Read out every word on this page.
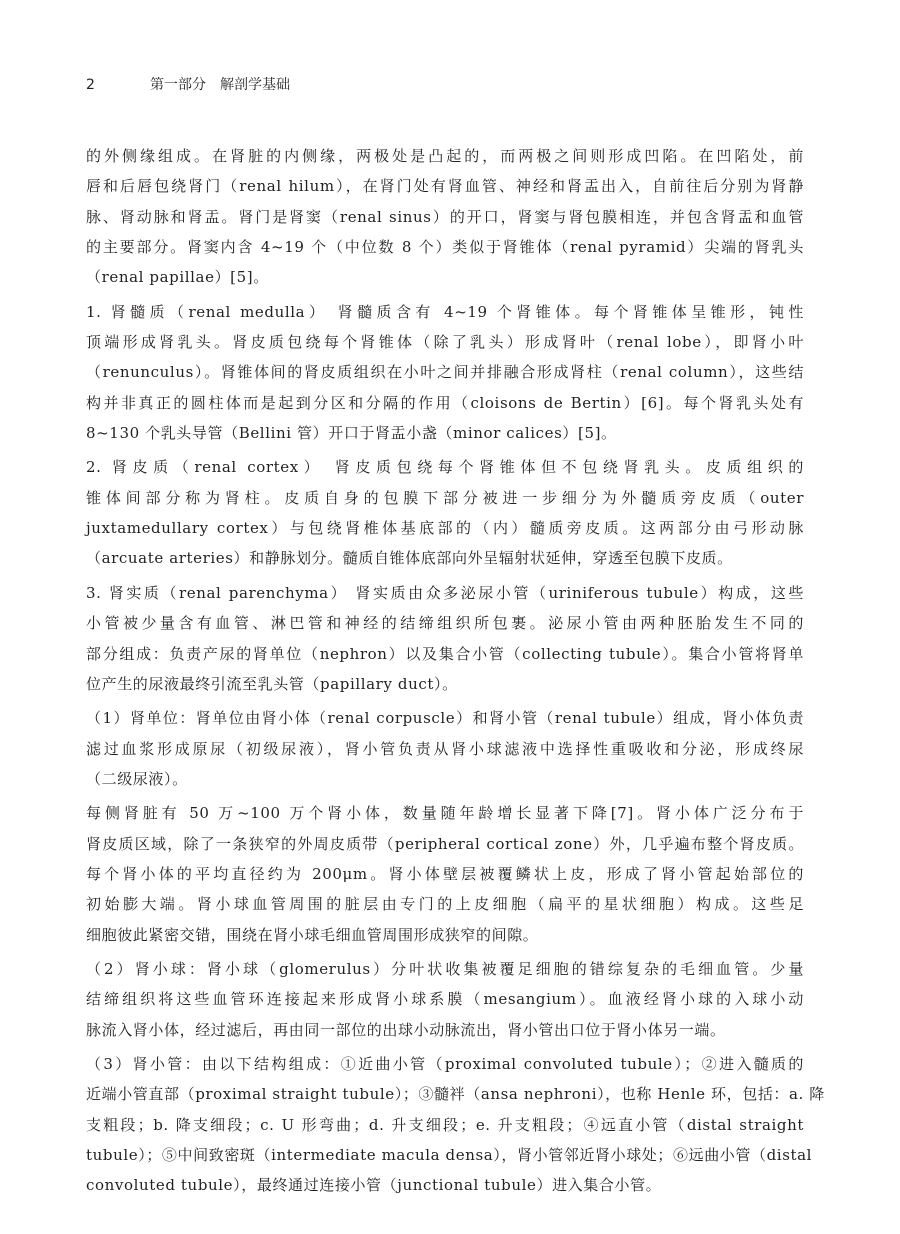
2	第一部分 解剖学基础
的外侧缘组成。在肾脏的内侧缘，两极处是凸起的，而两极之间则形成凹陷。在凹陷处，前
唇和后唇包绕肾门（renal hilum），在肾门处有肾血管、神经和肾盂出入，自前往后分别为肾静
脉、肾动脉和肾盂。肾门是肾窦（renal sinus）的开口，肾窦与肾包膜相连，并包含肾盂和血管
的主要部分。肾窦内含 4~19 个（中位数 8 个）类似于肾锥体（renal pyramid）尖端的肾乳头
（renal papillae）[5]。
1. 肾髓质（renal medulla） 肾髓质含有 4~19 个肾锥体。每个肾锥体呈锥形，钝性
顶端形成肾乳头。肾皮质包绕每个肾锥体（除了乳头）形成肾叶（renal lobe），即肾小叶
（renunculus）。肾锥体间的肾皮质组织在小叶之间并排融合形成肾柱（renal column），这些结
构并非真正的圆柱体而是起到分区和分隔的作用（cloisons de Bertin）[6]。每个肾乳头处有
8~130 个乳头导管（Bellini 管）开口于肾盂小盏（minor calices）[5]。
2. 肾皮质（renal cortex） 肾皮质包绕每个肾锥体但不包绕肾乳头。皮质组织的
锥体间部分称为肾柱。皮质自身的包膜下部分被进一步细分为外髓质旁皮质（outer
juxtamedullary cortex）与包绕肾椎体基底部的（内）髓质旁皮质。这两部分由弓形动脉
（arcuate arteries）和静脉划分。髓质自锥体底部向外呈辐射状延伸，穿透至包膜下皮质。
3. 肾实质（renal parenchyma） 肾实质由众多泌尿小管（uriniferous tubule）构成，这些
小管被少量含有血管、淋巴管和神经的结缔组织所包裹。泌尿小管由两种胚胎发生不同的
部分组成：负责产尿的肾单位（nephron）以及集合小管（collecting tubule）。集合小管将肾单
位产生的尿液最终引流至乳头管（papillary duct）。
（1）肾单位：肾单位由肾小体（renal corpuscle）和肾小管（renal tubule）组成，肾小体负责
滤过血浆形成原尿（初级尿液），肾小管负责从肾小球滤液中选择性重吸收和分泌，形成终尿
（二级尿液）。
每侧肾脏有 50 万~100 万个肾小体，数量随年龄增长显著下降[7]。肾小体广泛分布于
肾皮质区域，除了一条狭窄的外周皮质带（peripheral cortical zone）外，几乎遍布整个肾皮质。
每个肾小体的平均直径约为 200μm。肾小体壁层被覆鳞状上皮，形成了肾小管起始部位的
初始膨大端。肾小球血管周围的脏层由专门的上皮细胞（扁平的星状细胞）构成。这些足
细胞彼此紧密交错，围绕在肾小球毛细血管周围形成狭窄的间隙。
（2）肾小球：肾小球（glomerulus）分叶状收集被覆足细胞的错综复杂的毛细血管。少量
结缔组织将这些血管环连接起来形成肾小球系膜（mesangium）。血液经肾小球的入球小动
脉流入肾小体，经过滤后，再由同一部位的出球小动脉流出，肾小管出口位于肾小体另一端。
（3）肾小管：由以下结构组成：①近曲小管（proximal convoluted tubule）；②进入髓质的
近端小管直部（proximal straight tubule）；③髓袢（ansa nephroni），也称 Henle 环，包括：a. 降
支粗段；b. 降支细段；c. U 形弯曲；d. 升支细段；e. 升支粗段；④远直小管（distal straight
tubule）；⑤中间致密斑（intermediate macula densa），肾小管邻近肾小球处；⑥远曲小管（distal
convoluted tubule），最终通过连接小管（junctional tubule）进入集合小管。
